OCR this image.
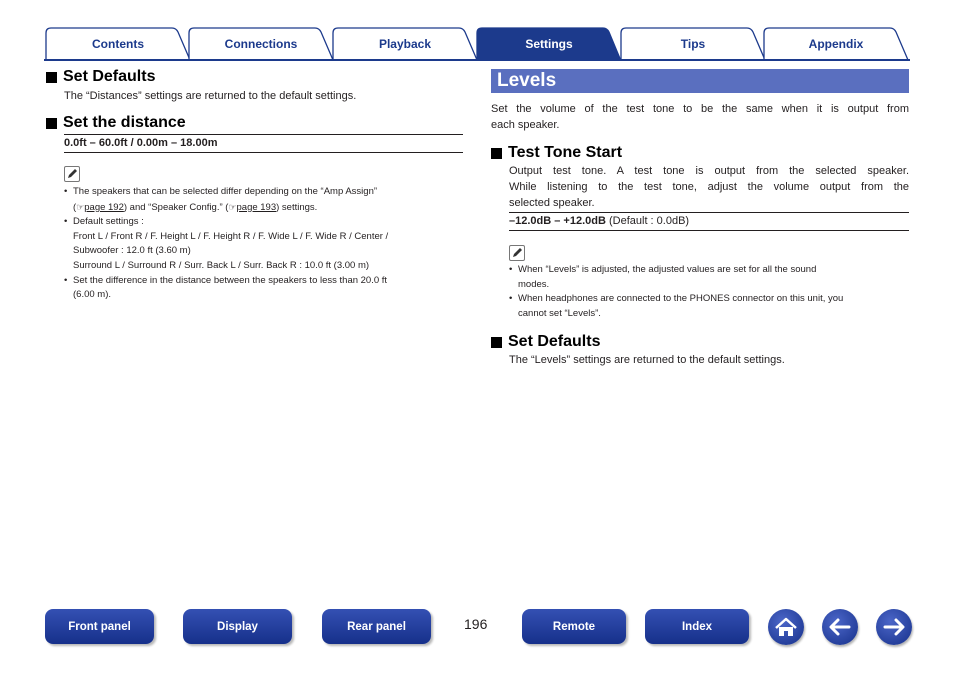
Contents	Connections	Playback	Settings	Tips	Appendix
Set Defaults
The “Distances” settings are returned to the default settings.
Set the distance
0.0ft – 60.0ft / 0.00m – 18.00m
• The speakers that can be selected differ depending on the “Amp Assign”
(☞page 192) and “Speaker Config.” (☞page 193) settings.
• Default settings :
Front L / Front R / F. Height L / F. Height R / F. Wide L / F. Wide R / Center /
Subwoofer : 12.0 ft (3.60 m)
Surround L / Surround R / Surr. Back L / Surr. Back R : 10.0 ft (3.00 m)
• Set the difference in the distance between the speakers to less than 20.0 ft
(6.00 m).
Levels
Set the volume of the test tone to be the same when it is output from
each speaker.
Test Tone Start
Output test tone. A test tone is output from the selected speaker.
While listening to the test tone, adjust the volume output from the
selected speaker.
–12.0dB – +12.0dB (Default : 0.0dB)
• When “Levels” is adjusted, the adjusted values are set for all the sound
modes.
• When headphones are connected to the PHONES connector on this unit, you
cannot set “Levels”.
Set Defaults
The “Levels” settings are returned to the default settings.
Front panel	Display	Rear panel	196	Remote	Index
